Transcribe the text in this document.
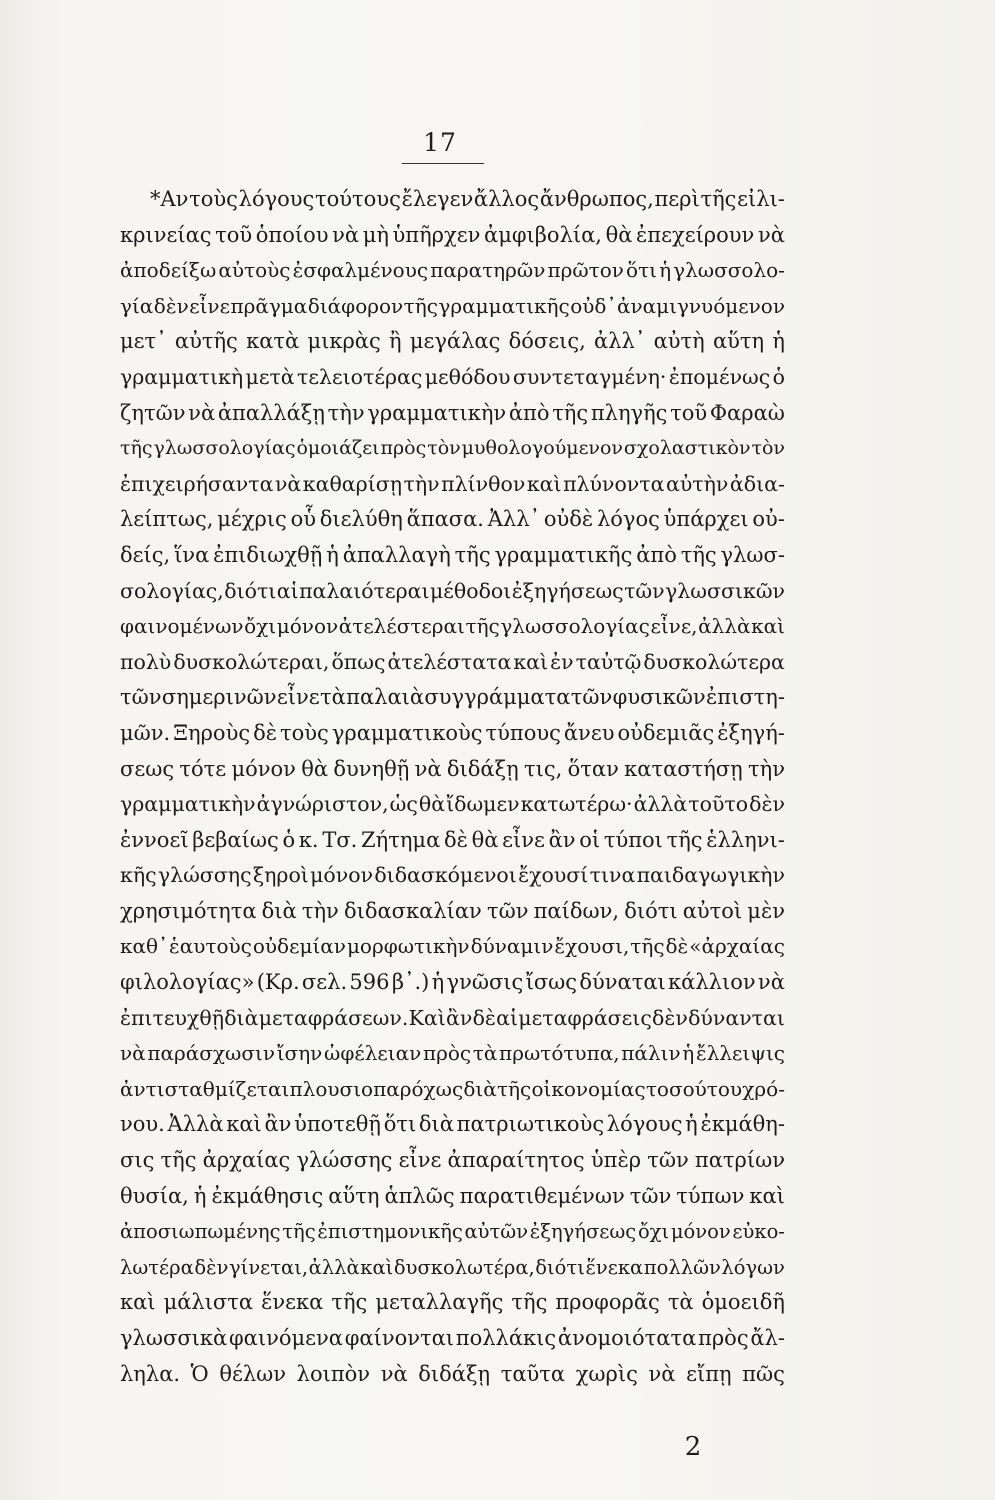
17
*Αν τοὺς λόγους τούτους ἔλεγεν ἄλλος ἄνθρωπος, περὶ τῆς εἰλι-
κρινείας τοῦ ὁποίου νὰ μὴ ὑπῆρχεν ἀμφιβολία, θὰ ἐπεχείρουν νὰ
ἀποδείξω αὐτοὺς ἐσφαλμένους παρατηρῶν πρῶτον ὅτι ἡ γλωσσολο-
γία δὲν εἶνε πρᾶγμα διάφορον τῆς γραμματικῆς οὐδ᾽ ἀναμιγνυόμενον
μετ᾽ αὐτῆς κατὰ μικρὰς ἢ μεγάλας δόσεις, ἀλλ᾽ αὐτὴ αὕτη ἡ
γραμματικὴ μετὰ τελειοτέρας μεθόδου συντεταγμένη· ἐπομένως ὁ
ζητῶν νὰ ἀπαλλάξῃ τὴν γραμματικὴν ἀπὸ τῆς πληγῆς τοῦ Φαραὼ
τῆς γλωσσολογίας ὁμοιάζει πρὸς τὸν μυθολογούμενον σχολαστικὸν τὸν
ἐπιχειρήσαντα νὰ καθαρίσῃ τὴν πλίνθον καὶ πλύνοντα αὐτὴν ἀδια-
λείπτως, μέχρις οὗ διελύθη ἅπασα. Ἀλλ᾽ οὐδὲ λόγος ὑπάρχει οὐ-
δείς, ἵνα ἐπιδιωχθῇ ἡ ἀπαλλαγὴ τῆς γραμματικῆς ἀπὸ τῆς γλωσ-
σολογίας, διότι αἱ παλαιότεραι μέθοδοι ἐξηγήσεως τῶν γλωσσικῶν
φαινομένων ὄχι μόνον ἀτελέστεραι τῆς γλωσσολογίας εἶνε, ἀλλὰ καὶ
πολὺ δυσκολώτεραι, ὅπως ἀτελέστατα καὶ ἐν ταὐτῷ δυσκολώτερα
τῶν σημερινῶν εἶνε τὰ παλαιὰ συγγράμματα τῶν φυσικῶν ἐπιστη-
μῶν. Ξηροὺς δὲ τοὺς γραμματικοὺς τύπους ἄνευ οὐδεμιᾶς ἐξηγή-
σεως τότε μόνον θὰ δυνηθῇ νὰ διδάξῃ τις, ὅταν καταστήσῃ τὴν
γραμματικὴν ἀγνώριστον, ὡς θὰ ἴδωμεν κατωτέρω· ἀλλὰ τοῦτο δὲν
ἐννοεῖ βεβαίως ὁ κ. Τσ. Ζήτημα δὲ θὰ εἶνε ἂν οἱ τύποι τῆς ἑλληνι-
κῆς γλώσσης ξηροὶ μόνον διδασκόμενοι ἔχουσί τινα παιδαγωγικὴν
χρησιμότητα διὰ τὴν διδασκαλίαν τῶν παίδων, διότι αὐτοὶ μὲν
καθ᾽ ἑαυτοὺς οὐδεμίαν μορφωτικὴν δύναμιν ἔχουσι, τῆς δὲ «ἀρχαίας
φιλολογίας» (Κρ. σελ. 596 β᾽.) ἡ γνῶσις ἴσως δύναται κάλλιον νὰ
ἐπιτευχθῇ διὰ μεταφράσεων. Καὶ ἂν δὲ αἱ μεταφράσεις δὲν δύνανται
νὰ παράσχωσιν ἴσην ὠφέλειαν πρὸς τὰ πρωτότυπα, πάλιν ἡ ἔλλειψις
ἀντισταθμίζεται πλουσιοπαρόχως διὰ τῆς οἰκονομίας τοσούτου χρό-
νου. Ἀλλὰ καὶ ἂν ὑποτεθῇ ὅτι διὰ πατριωτικοὺς λόγους ἡ ἐκμάθη-
σις τῆς ἀρχαίας γλώσσης εἶνε ἀπαραίτητος ὑπὲρ τῶν πατρίων
θυσία, ἡ ἐκμάθησις αὕτη ἁπλῶς παρατιθεμένων τῶν τύπων καὶ
ἀποσιωπωμένης τῆς ἐπιστημονικῆς αὐτῶν ἐξηγήσεως ὄχι μόνον εὐκο-
λωτέρα δὲν γίνεται, ἀλλὰ καὶ δυσκολωτέρα, διότι ἕνεκα πολλῶν λόγων
καὶ μάλιστα ἕνεκα τῆς μεταλλαγῆς τῆς προφορᾶς τὰ ὁμοειδῆ
γλωσσικὰ φαινόμενα φαίνονται πολλάκις ἀνομοιότατα πρὸς ἄλ-
ληλα. Ὁ θέλων λοιπὸν νὰ διδάξῃ ταῦτα χωρὶς νὰ εἴπῃ πῶς
2
